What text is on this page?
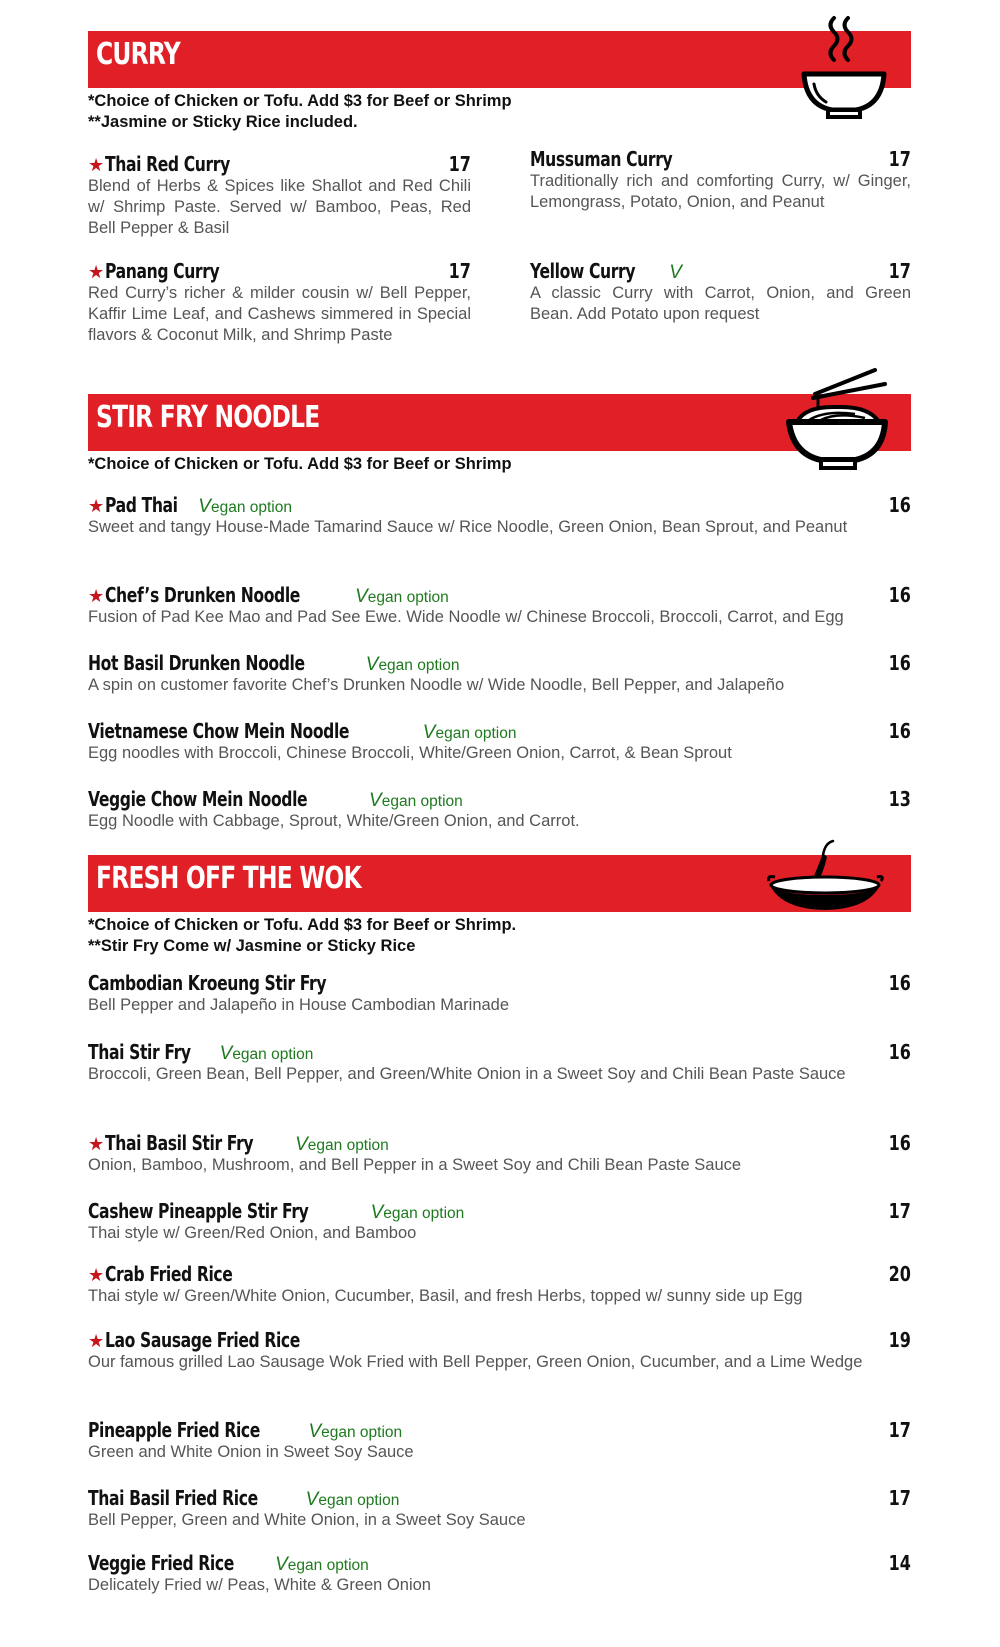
CURRY
*Choice of Chicken or Tofu. Add $3 for Beef or Shrimp
**Jasmine or Sticky Rice included.
★Thai Red Curry	17
Blend of Herbs & Spices like Shallot and Red Chili w/ Shrimp Paste. Served w/ Bamboo, Peas, Red Bell Pepper & Basil
★Panang Curry	17
Red Curry’s richer & milder cousin w/ Bell Pepper, Kaffir Lime Leaf, and Cashews simmered in Special flavors & Coconut Milk, and Shrimp Paste
Mussuman Curry	17
Traditionally rich and comforting Curry, w/ Ginger, Lemongrass, Potato, Onion, and Peanut
Yellow Curry V	17
A classic Curry with Carrot, Onion, and Green Bean. Add Potato upon request
STIR FRY NOODLE
*Choice of Chicken or Tofu. Add $3 for Beef or Shrimp
★Pad Thai Vegan option	16
Sweet and tangy House-Made Tamarind Sauce w/ Rice Noodle, Green Onion, Bean Sprout, and Peanut
★Chef’s Drunken Noodle	Vegan option	16
Fusion of Pad Kee Mao and Pad See Ewe. Wide Noodle w/ Chinese Broccoli, Broccoli, Carrot, and Egg
Hot Basil Drunken Noodle	Vegan option	16
A spin on customer favorite Chef’s Drunken Noodle w/ Wide Noodle, Bell Pepper, and Jalapeño
Vietnamese Chow Mein Noodle	Vegan option	16
Egg noodles with Broccoli, Chinese Broccoli, White/Green Onion, Carrot, & Bean Sprout
Veggie Chow Mein Noodle	Vegan option	13
Egg Noodle with Cabbage, Sprout, White/Green Onion, and Carrot.
FRESH OFF THE WOK
*Choice of Chicken or Tofu. Add $3 for Beef or Shrimp.
**Stir Fry Come w/ Jasmine or Sticky Rice
Cambodian Kroeung Stir Fry	16
Bell Pepper and Jalapeño in House Cambodian Marinade
Thai Stir Fry Vegan option	16
Broccoli, Green Bean, Bell Pepper, and Green/White Onion in a Sweet Soy and Chili Bean Paste Sauce
★Thai Basil Stir Fry Vegan option	16
Onion, Bamboo, Mushroom, and Bell Pepper in a Sweet Soy and Chili Bean Paste Sauce
Cashew Pineapple Stir Fry	Vegan option	17
Thai style w/ Green/Red Onion, and Bamboo
★Crab Fried Rice	20
Thai style w/ Green/White Onion, Cucumber, Basil, and fresh Herbs, topped w/ sunny side up Egg
★Lao Sausage Fried Rice	19
Our famous grilled Lao Sausage Wok Fried with Bell Pepper, Green Onion, Cucumber, and a Lime Wedge
Pineapple Fried Rice	Vegan option	17
Green and White Onion in Sweet Soy Sauce
Thai Basil Fried Rice	Vegan option	17
Bell Pepper, Green and White Onion, in a Sweet Soy Sauce
Veggie Fried Rice Vegan option	14
Delicately Fried w/ Peas, White & Green Onion
